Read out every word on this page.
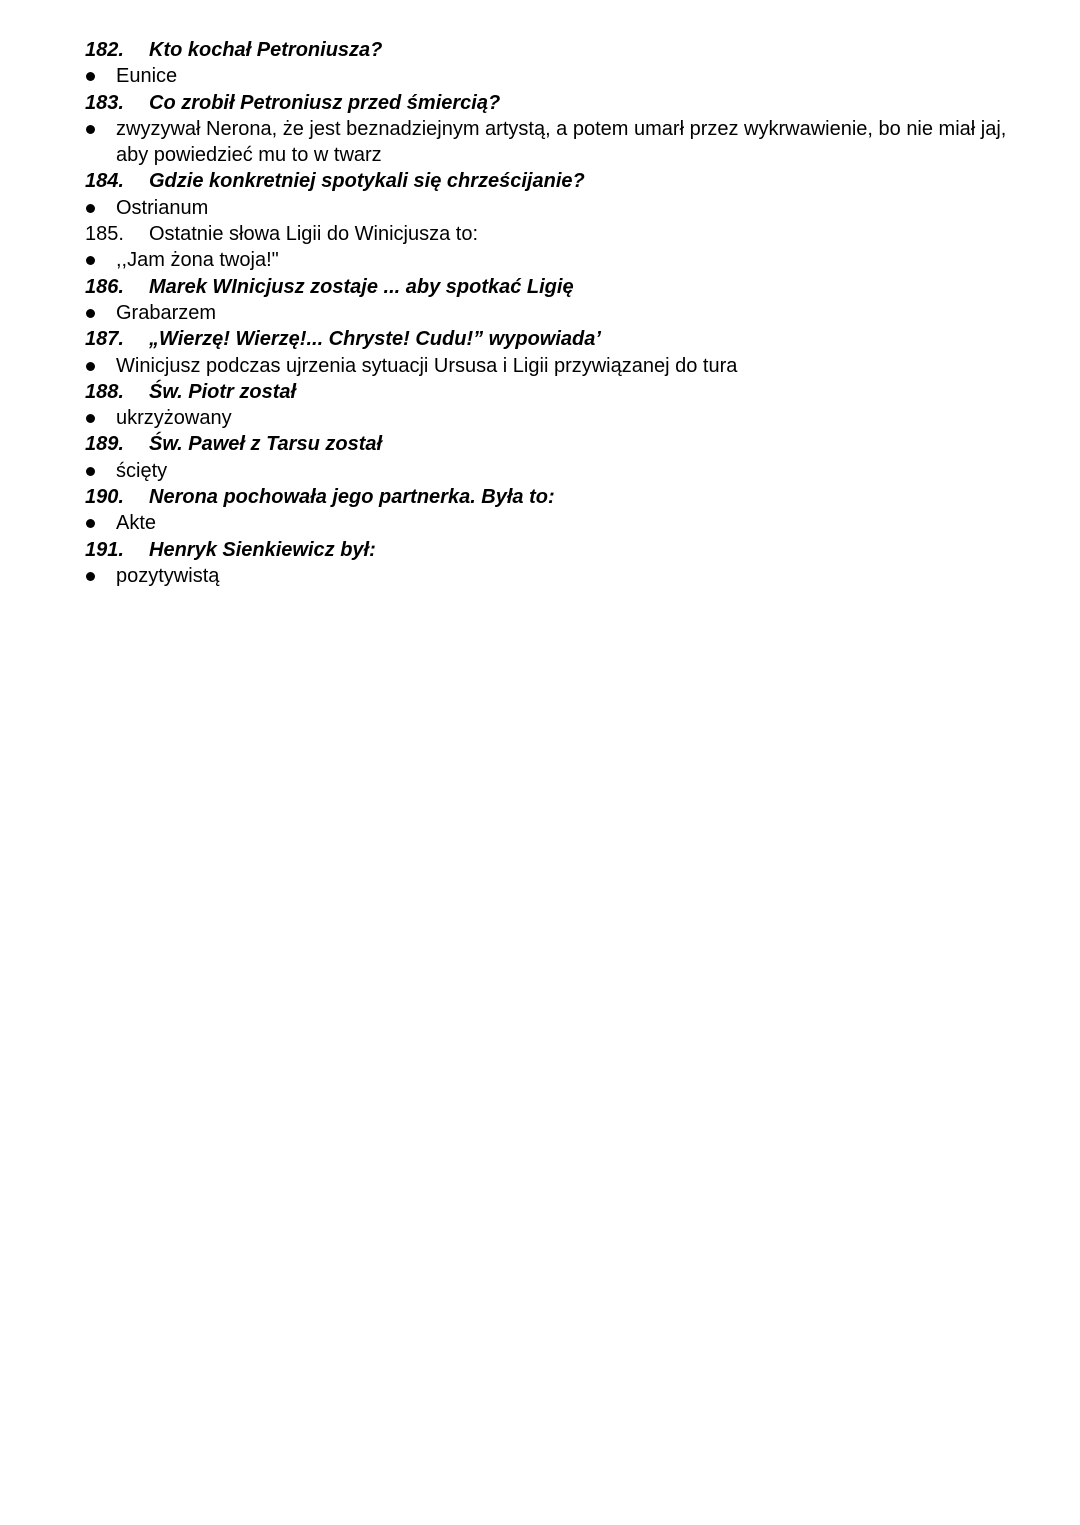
182.	Kto kochał Petroniusza?
Eunice
183.	Co zrobił Petroniusz przed śmiercią?
zwyzywał Nerona, że jest beznadziejnym artystą, a potem umarł przez wykrwawienie, bo nie miał jaj, aby powiedzieć mu to w twarz
184.	Gdzie konkretniej spotykali się chrześcijanie?
Ostrianum
185.	Ostatnie słowa Ligii do Winicjusza to:
,,Jam żona twoja!"
186.	Marek WInicjusz zostaje ... aby spotkać Ligię
Grabarzem
187.	„Wierzę! Wierzę!... Chryste! Cudu!” wypowiada’
Winicjusz podczas ujrzenia sytuacji Ursusa i Ligii przywiązanej do tura
188.	Św. Piotr został
ukrzyżowany
189.	Św. Paweł z Tarsu został
ścięty
190.	Nerona pochowała jego partnerka. Była to:
Akte
191.	Henryk Sienkiewicz był:
pozytywistą
